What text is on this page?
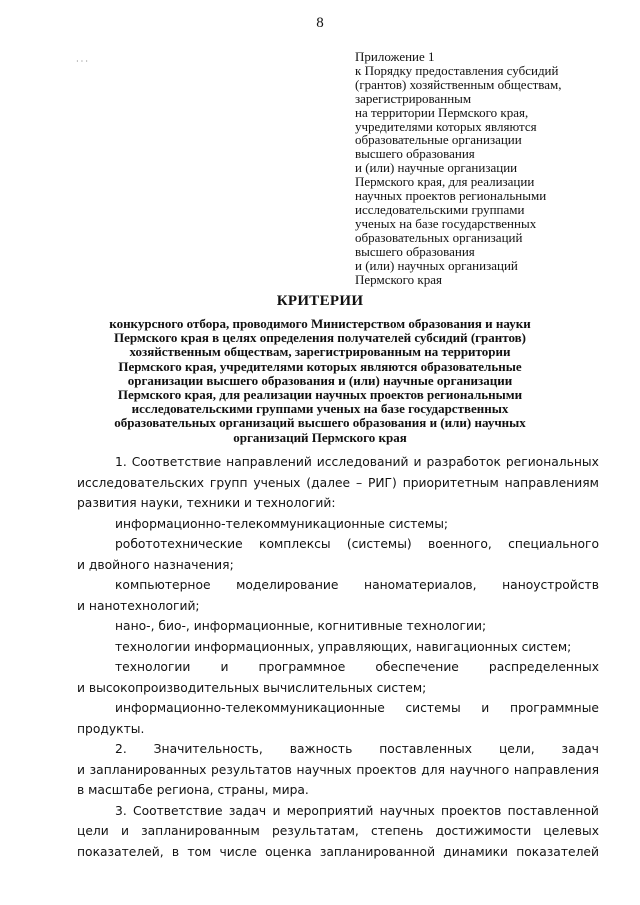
8
· · ·	Приложение 1
к Порядку предоставления субсидий
(грантов) хозяйственным обществам,
зарегистрированным
на территории Пермского края,
учредителями которых являются
образовательные организации
высшего образования
и (или) научные организации
Пермского края, для реализации
научных проектов региональными
исследовательскими группами
ученых на базе государственных
образовательных организаций
высшего образования
и (или) научных организаций
Пермского края
КРИТЕРИИ
конкурсного отбора, проводимого Министерством образования и науки
Пермского края в целях определения получателей субсидий (грантов)
хозяйственным обществам, зарегистрированным на территории
Пермского края, учредителями которых являются образовательные
организации высшего образования и (или) научные организации
Пермского края, для реализации научных проектов региональными
исследовательскими группами ученых на базе государственных
образовательных организаций высшего образования и (или) научных
организаций Пермского края
1. Соответствие направлений исследований и разработок региональных
исследовательских групп ученых (далее – РИГ) приоритетным направлениям
развития науки, техники и технологий:
информационно-телекоммуникационные системы;
робототехнические комплексы (системы) военного, специального
и двойного назначения;
компьютерное моделирование наноматериалов, наноустройств
и нанотехнологий;
нано-, био-, информационные, когнитивные технологии;
технологии информационных, управляющих, навигационных систем;
технологии и программное обеспечение распределенных
и высокопроизводительных вычислительных систем;
информационно-телекоммуникационные системы и программные
продукты.
2. Значительность, важность поставленных цели, задач
и запланированных результатов научных проектов для научного направления
в масштабе региона, страны, мира.
3. Соответствие задач и мероприятий научных проектов поставленной
цели и запланированным результатам, степень достижимости целевых
показателей, в том числе оценка запланированной динамики показателей
